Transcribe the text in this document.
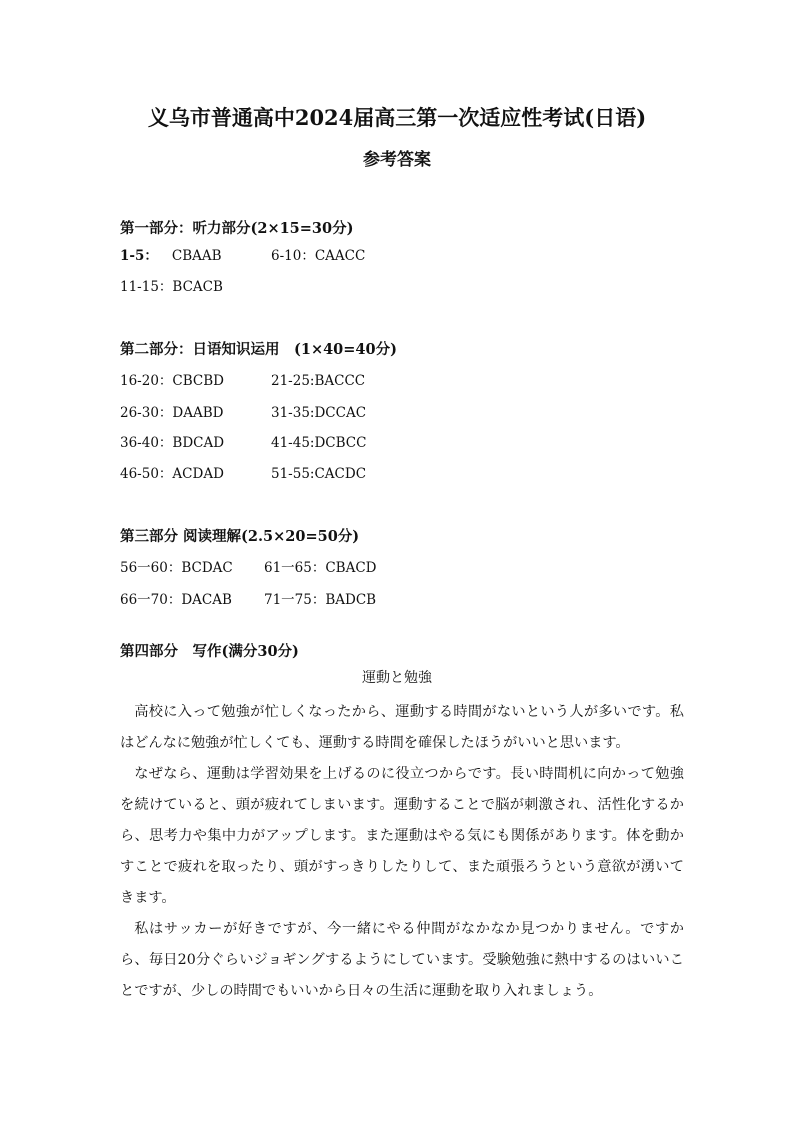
义乌市普通高中2024届高三第一次适应性考试(日语)
参考答案
第一部分：听力部分(2×15=30分)
1-5： CBAAB	6-10：CAACC
11-15：BCACB
第二部分：日语知识运用　(1×40=40分)
16-20：CBCBD	21-25:BACCC
26-30：DAABD	31-35:DCCAC
36-40：BDCAD	41-45:DCBCC
46-50：ACDAD	51-55:CACDC
第三部分 阅读理解(2.5×20=50分)
56一60：BCDAC 61一65：CBACD
66一70：DACAB 71一75：BADCB
第四部分　写作(满分30分)
運動と勉強

高校に入って勉強が忙しくなったから、運動する時間がないという人が多いです。私はどんなに勉強が忙しくても、運動する時間を確保したほうがいいと思います。

なぜなら、運動は学習効果を上げるのに役立つからです。長い時間机に向かって勉強を続けていると、頭が疲れてしまいます。運動することで脳が刺激され、活性化するから、思考力や集中力がアップします。また運動はやる気にも関係があります。体を動かすことで疲れを取ったり、頭がすっきりしたりして、また頑張ろうという意欲が湧いてきます。

私はサッカーが好きですが、今一緒にやる仲間がなかなか見つかりません。ですから、毎日20分ぐらいジョギングするようにしています。受験勉強に熱中するのはいいことですが、少しの時間でもいいから日々の生活に運動を取り入れましょう。
